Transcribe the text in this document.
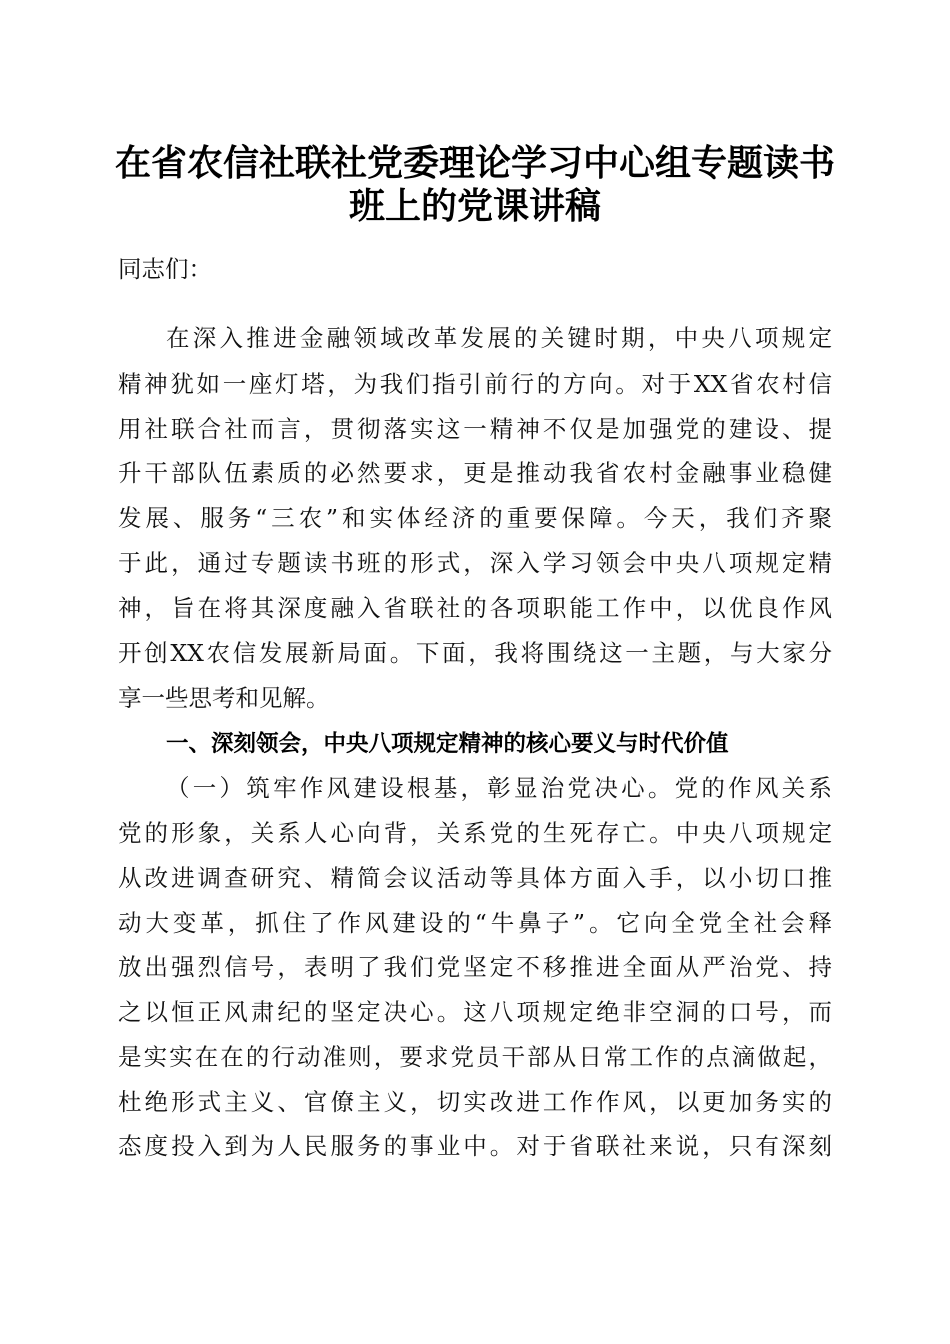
在省农信社联社党委理论学习中心组专题读书
班上的党课讲稿
同志们：
在深入推进金融领域改革发展的关键时期，中央八项规定
精神犹如一座灯塔，为我们指引前行的方向。对于XX省农村信
用社联合社而言，贯彻落实这一精神不仅是加强党的建设、提
升干部队伍素质的必然要求，更是推动我省农村金融事业稳健
发展、服务“三农”和实体经济的重要保障。今天，我们齐聚
于此，通过专题读书班的形式，深入学习领会中央八项规定精
神，旨在将其深度融入省联社的各项职能工作中，以优良作风
开创XX农信发展新局面。下面，我将围绕这一主题，与大家分
享一些思考和见解。
一、深刻领会，中央八项规定精神的核心要义与时代价值
（一）筑牢作风建设根基，彰显治党决心。党的作风关系
党的形象，关系人心向背，关系党的生死存亡。中央八项规定
从改进调查研究、精简会议活动等具体方面入手，以小切口推
动大变革，抓住了作风建设的“牛鼻子”。它向全党全社会释
放出强烈信号，表明了我们党坚定不移推进全面从严治党、持
之以恒正风肃纪的坚定决心。这八项规定绝非空洞的口号，而
是实实在在的行动准则，要求党员干部从日常工作的点滴做起，
杜绝形式主义、官僚主义，切实改进工作作风，以更加务实的
态度投入到为人民服务的事业中。对于省联社来说，只有深刻
